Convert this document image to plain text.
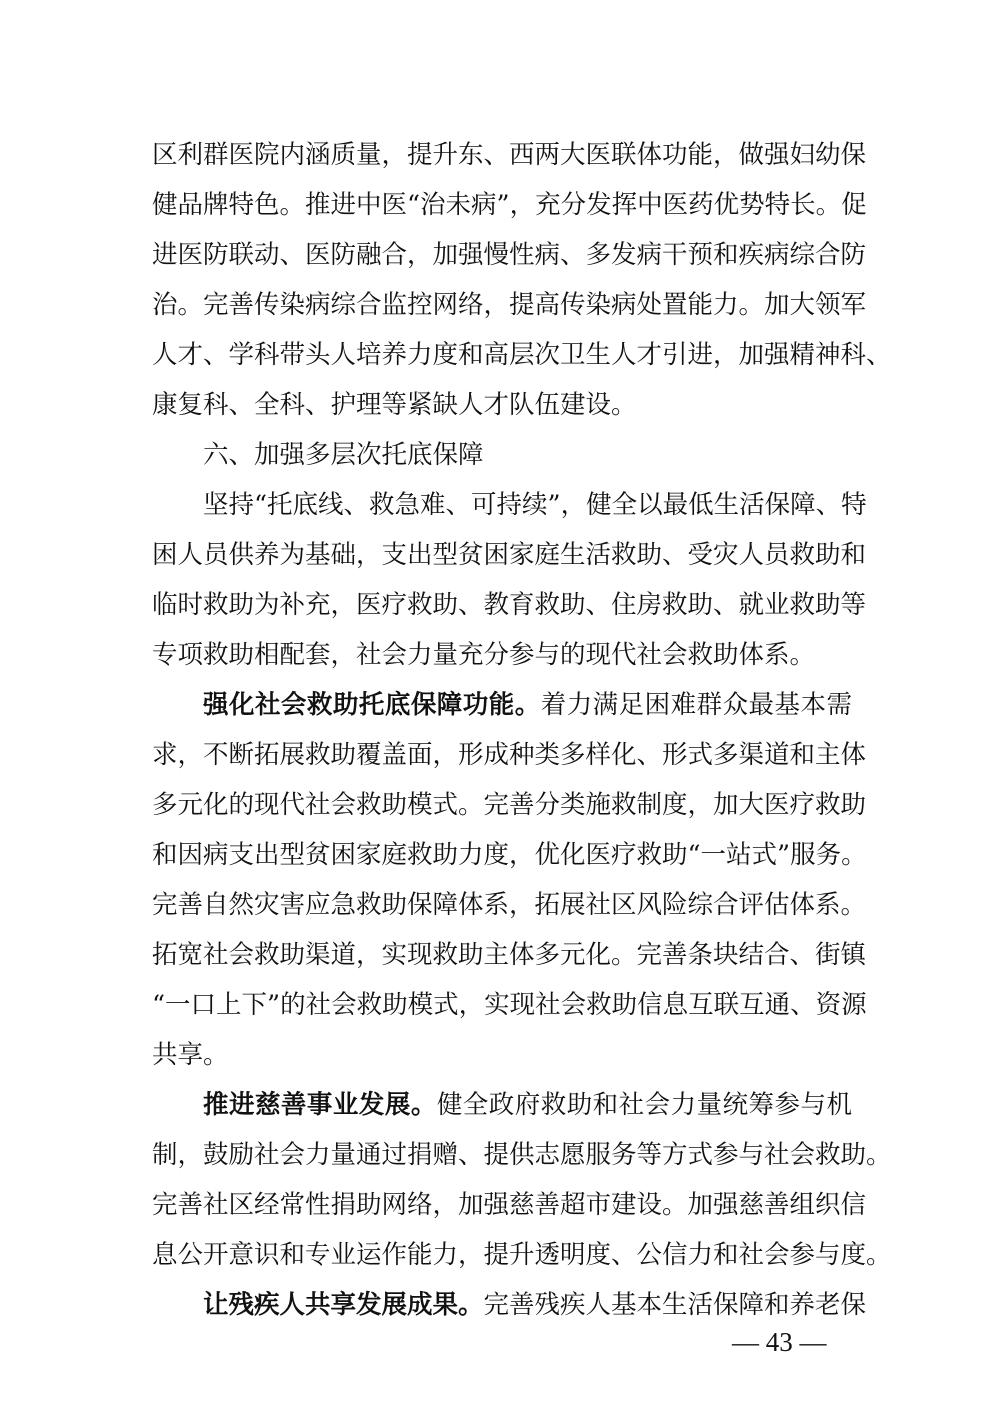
区利群医院内涵质量，提升东、西两大医联体功能，做强妇幼保
健品牌特色。推进中医“治未病”，充分发挥中医药优势特长。促
进医防联动、医防融合，加强慢性病、多发病干预和疾病综合防
治。完善传染病综合监控网络，提高传染病处置能力。加大领军
人才、学科带头人培养力度和高层次卫生人才引进，加强精神科、
康复科、全科、护理等紧缺人才队伍建设。
六、加强多层次托底保障
坚持“托底线、救急难、可持续”，健全以最低生活保障、特
困人员供养为基础，支出型贫困家庭生活救助、受灾人员救助和
临时救助为补充，医疗救助、教育救助、住房救助、就业救助等
专项救助相配套，社会力量充分参与的现代社会救助体系。
强化社会救助托底保障功能。着力满足困难群众最基本需
求，不断拓展救助覆盖面，形成种类多样化、形式多渠道和主体
多元化的现代社会救助模式。完善分类施救制度，加大医疗救助
和因病支出型贫困家庭救助力度，优化医疗救助“一站式”服务。
完善自然灾害应急救助保障体系，拓展社区风险综合评估体系。
拓宽社会救助渠道，实现救助主体多元化。完善条块结合、街镇
“一口上下”的社会救助模式，实现社会救助信息互联互通、资源
共享。
推进慈善事业发展。健全政府救助和社会力量统筹参与机
制，鼓励社会力量通过捐赠、提供志愿服务等方式参与社会救助。
完善社区经常性捐助网络，加强慈善超市建设。加强慈善组织信
息公开意识和专业运作能力，提升透明度、公信力和社会参与度。
让残疾人共享发展成果。完善残疾人基本生活保障和养老保
— 43 —
